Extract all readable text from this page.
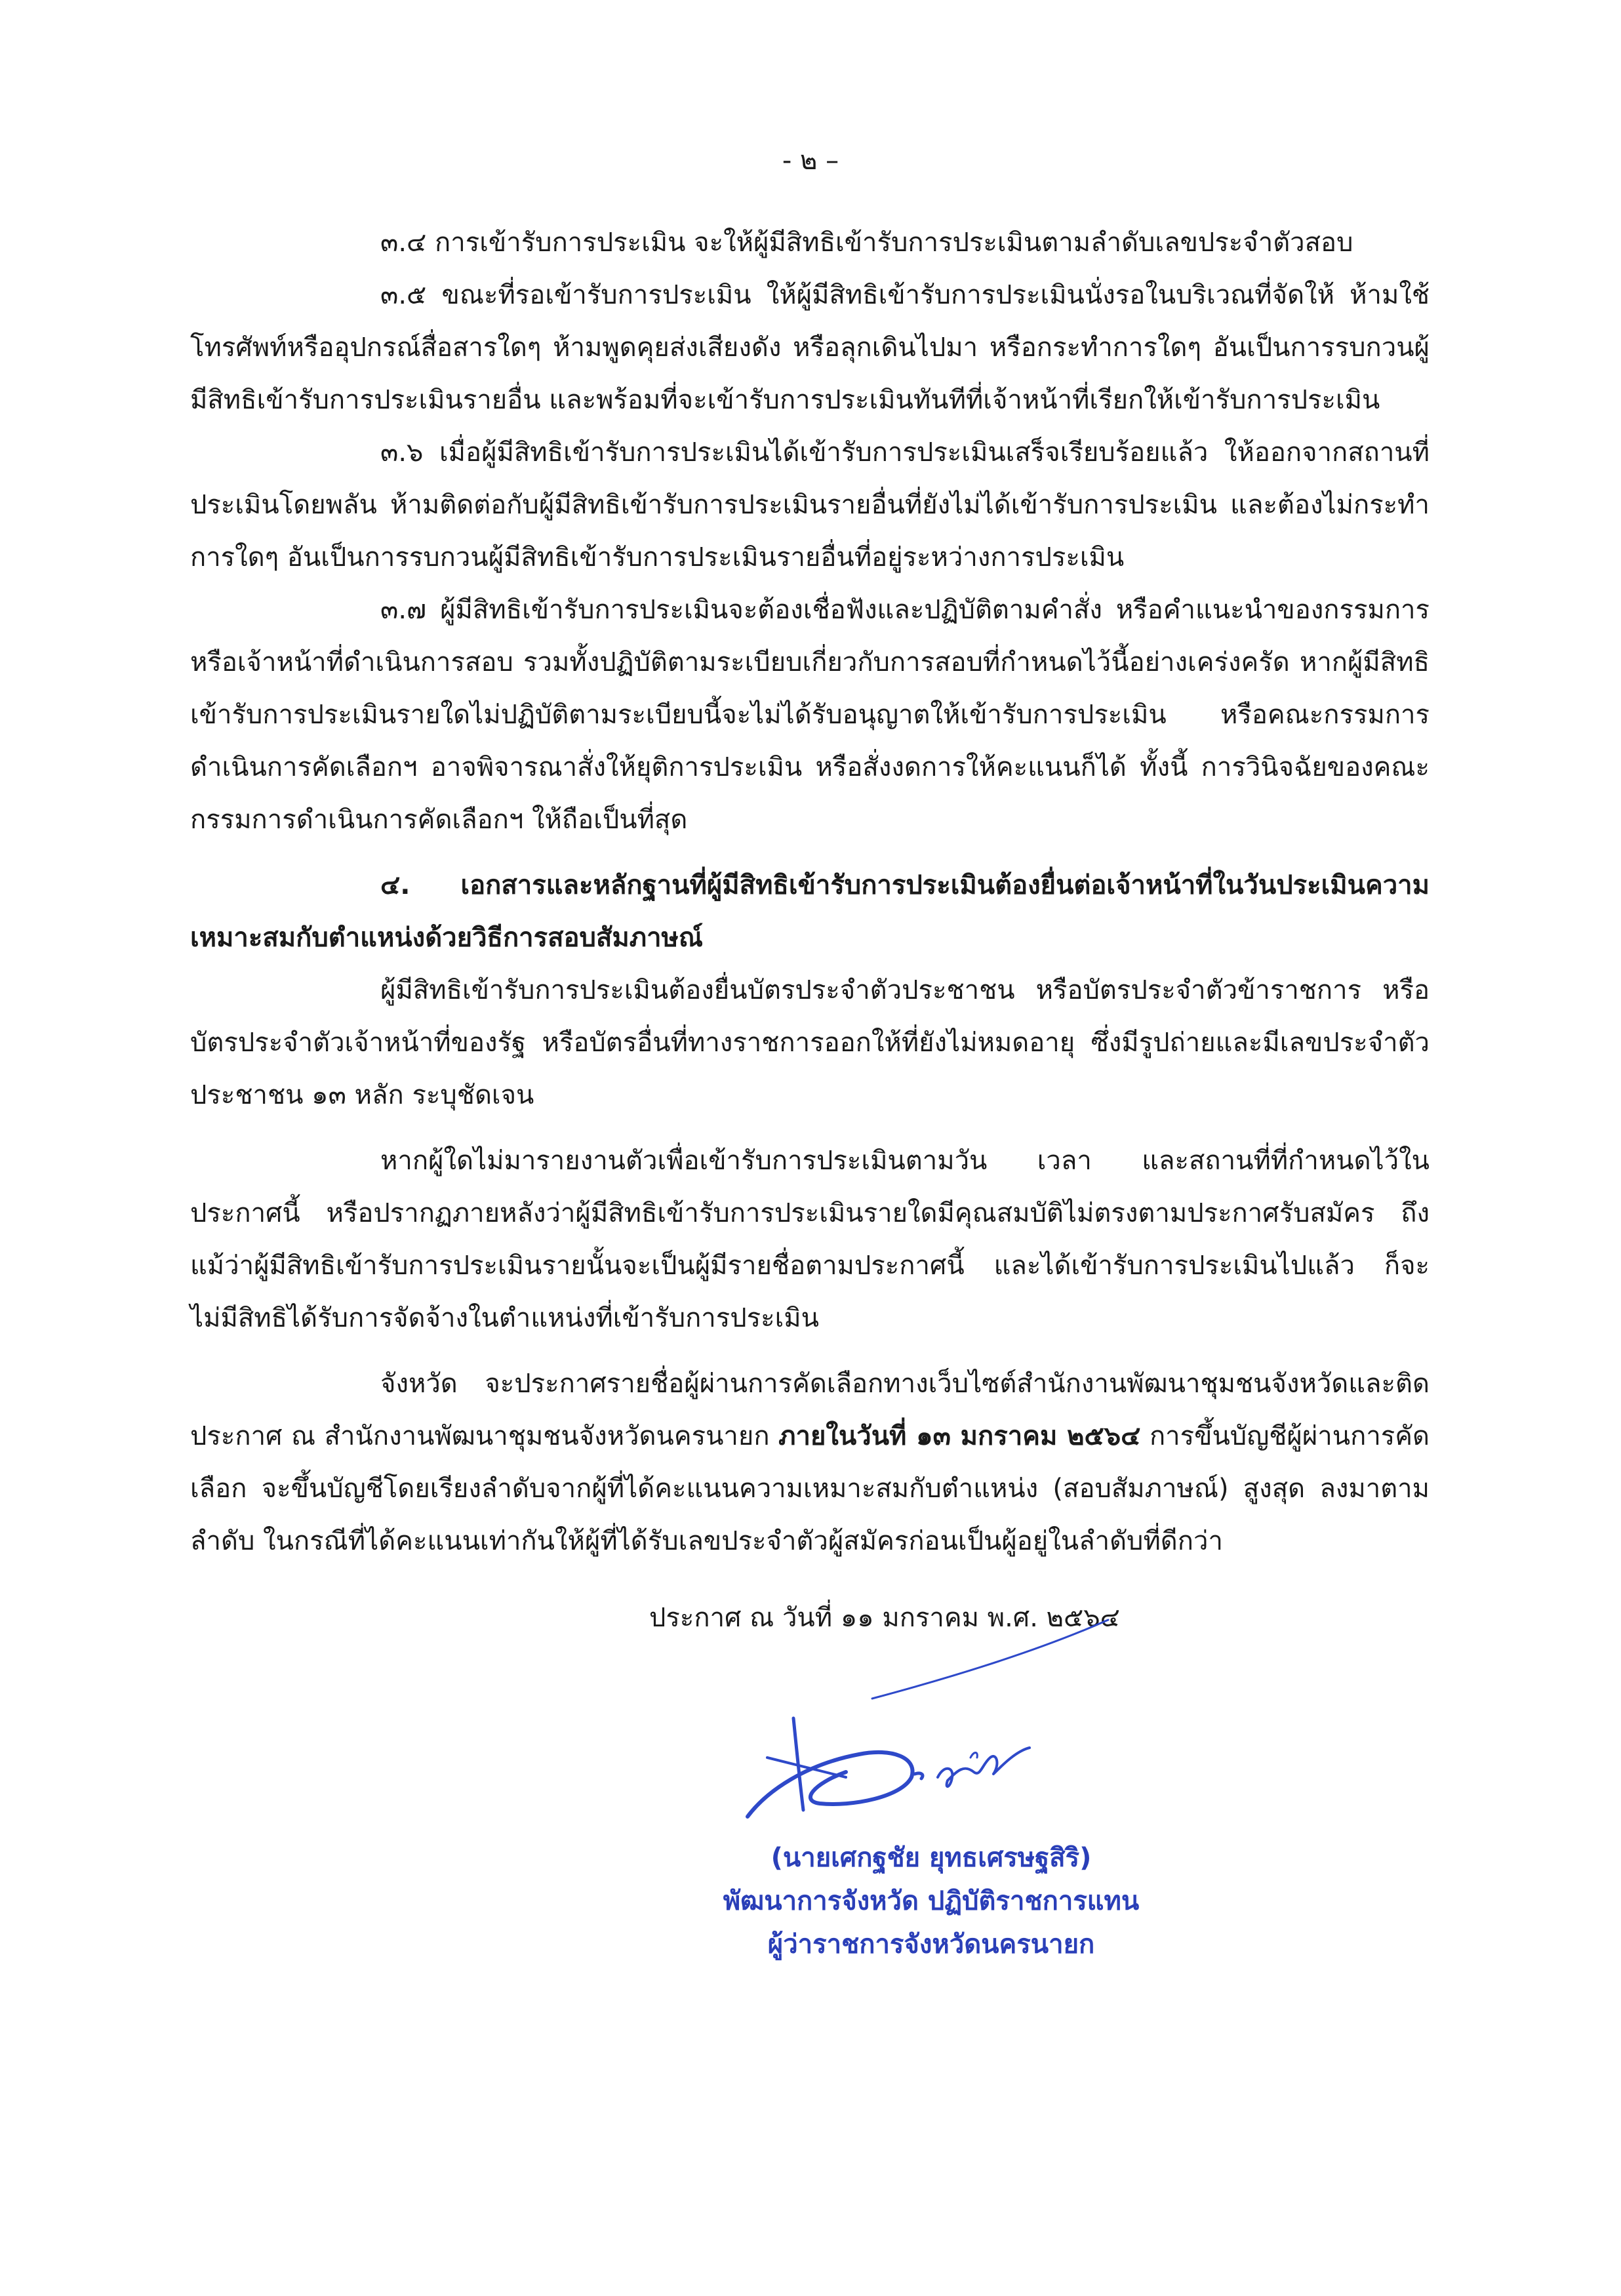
- ๒ –

๓.๔ การเข้ารับการประเมิน จะให้ผู้มีสิทธิเข้ารับการประเมินตามลำดับเลขประจำตัวสอบ

๓.๕ ขณะที่รอเข้ารับการประเมิน ให้ผู้มีสิทธิเข้ารับการประเมินนั่งรอในบริเวณที่จัดให้ ห้ามใช้โทรศัพท์หรืออุปกรณ์สื่อสารใดๆ ห้ามพูดคุยส่งเสียงดัง หรือลุกเดินไปมา หรือกระทำการใดๆ อันเป็นการรบกวนผู้มีสิทธิเข้ารับการประเมินรายอื่น และพร้อมที่จะเข้ารับการประเมินทันทีที่เจ้าหน้าที่เรียกให้เข้ารับการประเมิน

๓.๖ เมื่อผู้มีสิทธิเข้ารับการประเมินได้เข้ารับการประเมินเสร็จเรียบร้อยแล้ว ให้ออกจากสถานที่ประเมินโดยพลัน ห้ามติดต่อกับผู้มีสิทธิเข้ารับการประเมินรายอื่นที่ยังไม่ได้เข้ารับการประเมิน และต้องไม่กระทำการใดๆ อันเป็นการรบกวนผู้มีสิทธิเข้ารับการประเมินรายอื่นที่อยู่ระหว่างการประเมิน

๓.๗ ผู้มีสิทธิเข้ารับการประเมินจะต้องเชื่อฟังและปฏิบัติตามคำสั่ง หรือคำแนะนำของกรรมการหรือเจ้าหน้าที่ดำเนินการสอบ รวมทั้งปฏิบัติตามระเบียบเกี่ยวกับการสอบที่กำหนดไว้นี้อย่างเคร่งครัด หากผู้มีสิทธิเข้ารับการประเมินรายใดไม่ปฏิบัติตามระเบียบนี้จะไม่ได้รับอนุญาตให้เข้ารับการประเมิน หรือคณะกรรมการดำเนินการคัดเลือกฯ อาจพิจารณาสั่งให้ยุติการประเมิน หรือสั่งงดการให้คะแนนก็ได้ ทั้งนี้ การวินิจฉัยของคณะกรรมการดำเนินการคัดเลือกฯ ให้ถือเป็นที่สุด

๔. เอกสารและหลักฐานที่ผู้มีสิทธิเข้ารับการประเมินต้องยื่นต่อเจ้าหน้าที่ในวันประเมินความเหมาะสมกับตำแหน่งด้วยวิธีการสอบสัมภาษณ์

ผู้มีสิทธิเข้ารับการประเมินต้องยื่นบัตรประจำตัวประชาชน หรือบัตรประจำตัวข้าราชการ หรือบัตรประจำตัวเจ้าหน้าที่ของรัฐ หรือบัตรอื่นที่ทางราชการออกให้ที่ยังไม่หมดอายุ ซึ่งมีรูปถ่ายและมีเลขประจำตัวประชาชน ๑๓ หลัก ระบุชัดเจน

หากผู้ใดไม่มารายงานตัวเพื่อเข้ารับการประเมินตามวัน เวลา และสถานที่ที่กำหนดไว้ในประกาศนี้ หรือปรากฏภายหลังว่าผู้มีสิทธิเข้ารับการประเมินรายใดมีคุณสมบัติไม่ตรงตามประกาศรับสมัคร ถึงแม้ว่าผู้มีสิทธิเข้ารับการประเมินรายนั้นจะเป็นผู้มีรายชื่อตามประกาศนี้ และได้เข้ารับการประเมินไปแล้ว ก็จะไม่มีสิทธิได้รับการจัดจ้างในตำแหน่งที่เข้ารับการประเมิน

จังหวัด จะประกาศรายชื่อผู้ผ่านการคัดเลือกทางเว็บไซต์สำนักงานพัฒนาชุมชนจังหวัดและติดประกาศ ณ สำนักงานพัฒนาชุมชนจังหวัดนครนายก ภายในวันที่ ๑๓ มกราคม ๒๕๖๔ การขึ้นบัญชีผู้ผ่านการคัดเลือก จะขึ้นบัญชีโดยเรียงลำดับจากผู้ที่ได้คะแนนความเหมาะสมกับตำแหน่ง (สอบสัมภาษณ์) สูงสุด ลงมาตามลำดับ ในกรณีที่ได้คะแนนเท่ากันให้ผู้ที่ได้รับเลขประจำตัวผู้สมัครก่อนเป็นผู้อยู่ในลำดับที่ดีกว่า

ประกาศ ณ วันที่ ๑๑ มกราคม พ.ศ. ๒๕๖๔
(นายเศกฐชัย ยุทธเศรษฐสิริ)
พัฒนาการจังหวัด ปฏิบัติราชการแทน
ผู้ว่าราชการจังหวัดนครนายก
